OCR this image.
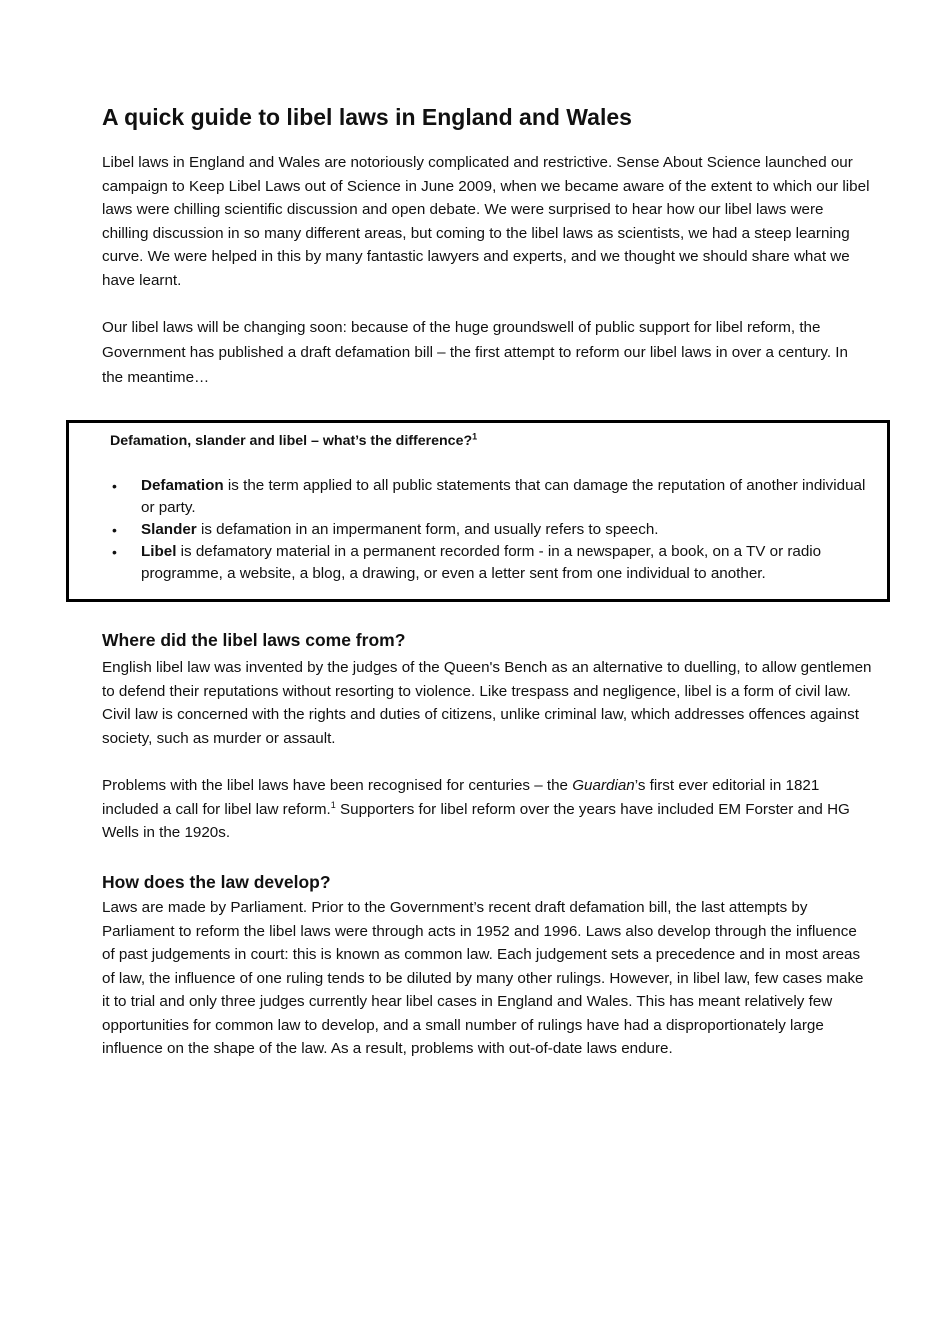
A quick guide to libel laws in England and Wales

Libel laws in England and Wales are notoriously complicated and restrictive. Sense About Science launched our campaign to Keep Libel Laws out of Science in June 2009, when we became aware of the extent to which our libel laws were chilling scientific discussion and open debate. We were surprised to hear how our libel laws were chilling discussion in so many different areas, but coming to the libel laws as scientists, we had a steep learning curve. We were helped in this by many fantastic lawyers and experts, and we thought we should share what we have learnt.

Our libel laws will be changing soon: because of the huge groundswell of public support for libel reform, the Government has published a draft defamation bill – the first attempt to reform our libel laws in over a century. In the meantime…

Defamation, slander and libel – what’s the difference?$^1$

• Defamation is the term applied to all public statements that can damage the reputation of another individual or party.
• Slander is defamation in an impermanent form, and usually refers to speech.
• Libel is defamatory material in a permanent recorded form - in a newspaper, a book, on a TV or radio programme, a website, a blog, a drawing, or even a letter sent from one individual to another.
Where did the libel laws come from?

English libel law was invented by the judges of the Queen's Bench as an alternative to duelling, to allow gentlemen to defend their reputations without resorting to violence. Like trespass and negligence, libel is a form of civil law. Civil law is concerned with the rights and duties of citizens, unlike criminal law, which addresses offences against society, such as murder or assault.

Problems with the libel laws have been recognised for centuries – the Guardian’s first ever editorial in 1821 included a call for libel law reform.$^1$ Supporters for libel reform over the years have included EM Forster and HG Wells in the 1920s.

How does the law develop?

Laws are made by Parliament. Prior to the Government’s recent draft defamation bill, the last attempts by Parliament to reform the libel laws were through acts in 1952 and 1996. Laws also develop through the influence of past judgements in court: this is known as common law. Each judgement sets a precedence and in most areas of law, the influence of one ruling tends to be diluted by many other rulings. However, in libel law, few cases make it to trial and only three judges currently hear libel cases in England and Wales. This has meant relatively few opportunities for common law to develop, and a small number of rulings have had a disproportionately large influence on the shape of the law. As a result, problems with out-of-date laws endure.
